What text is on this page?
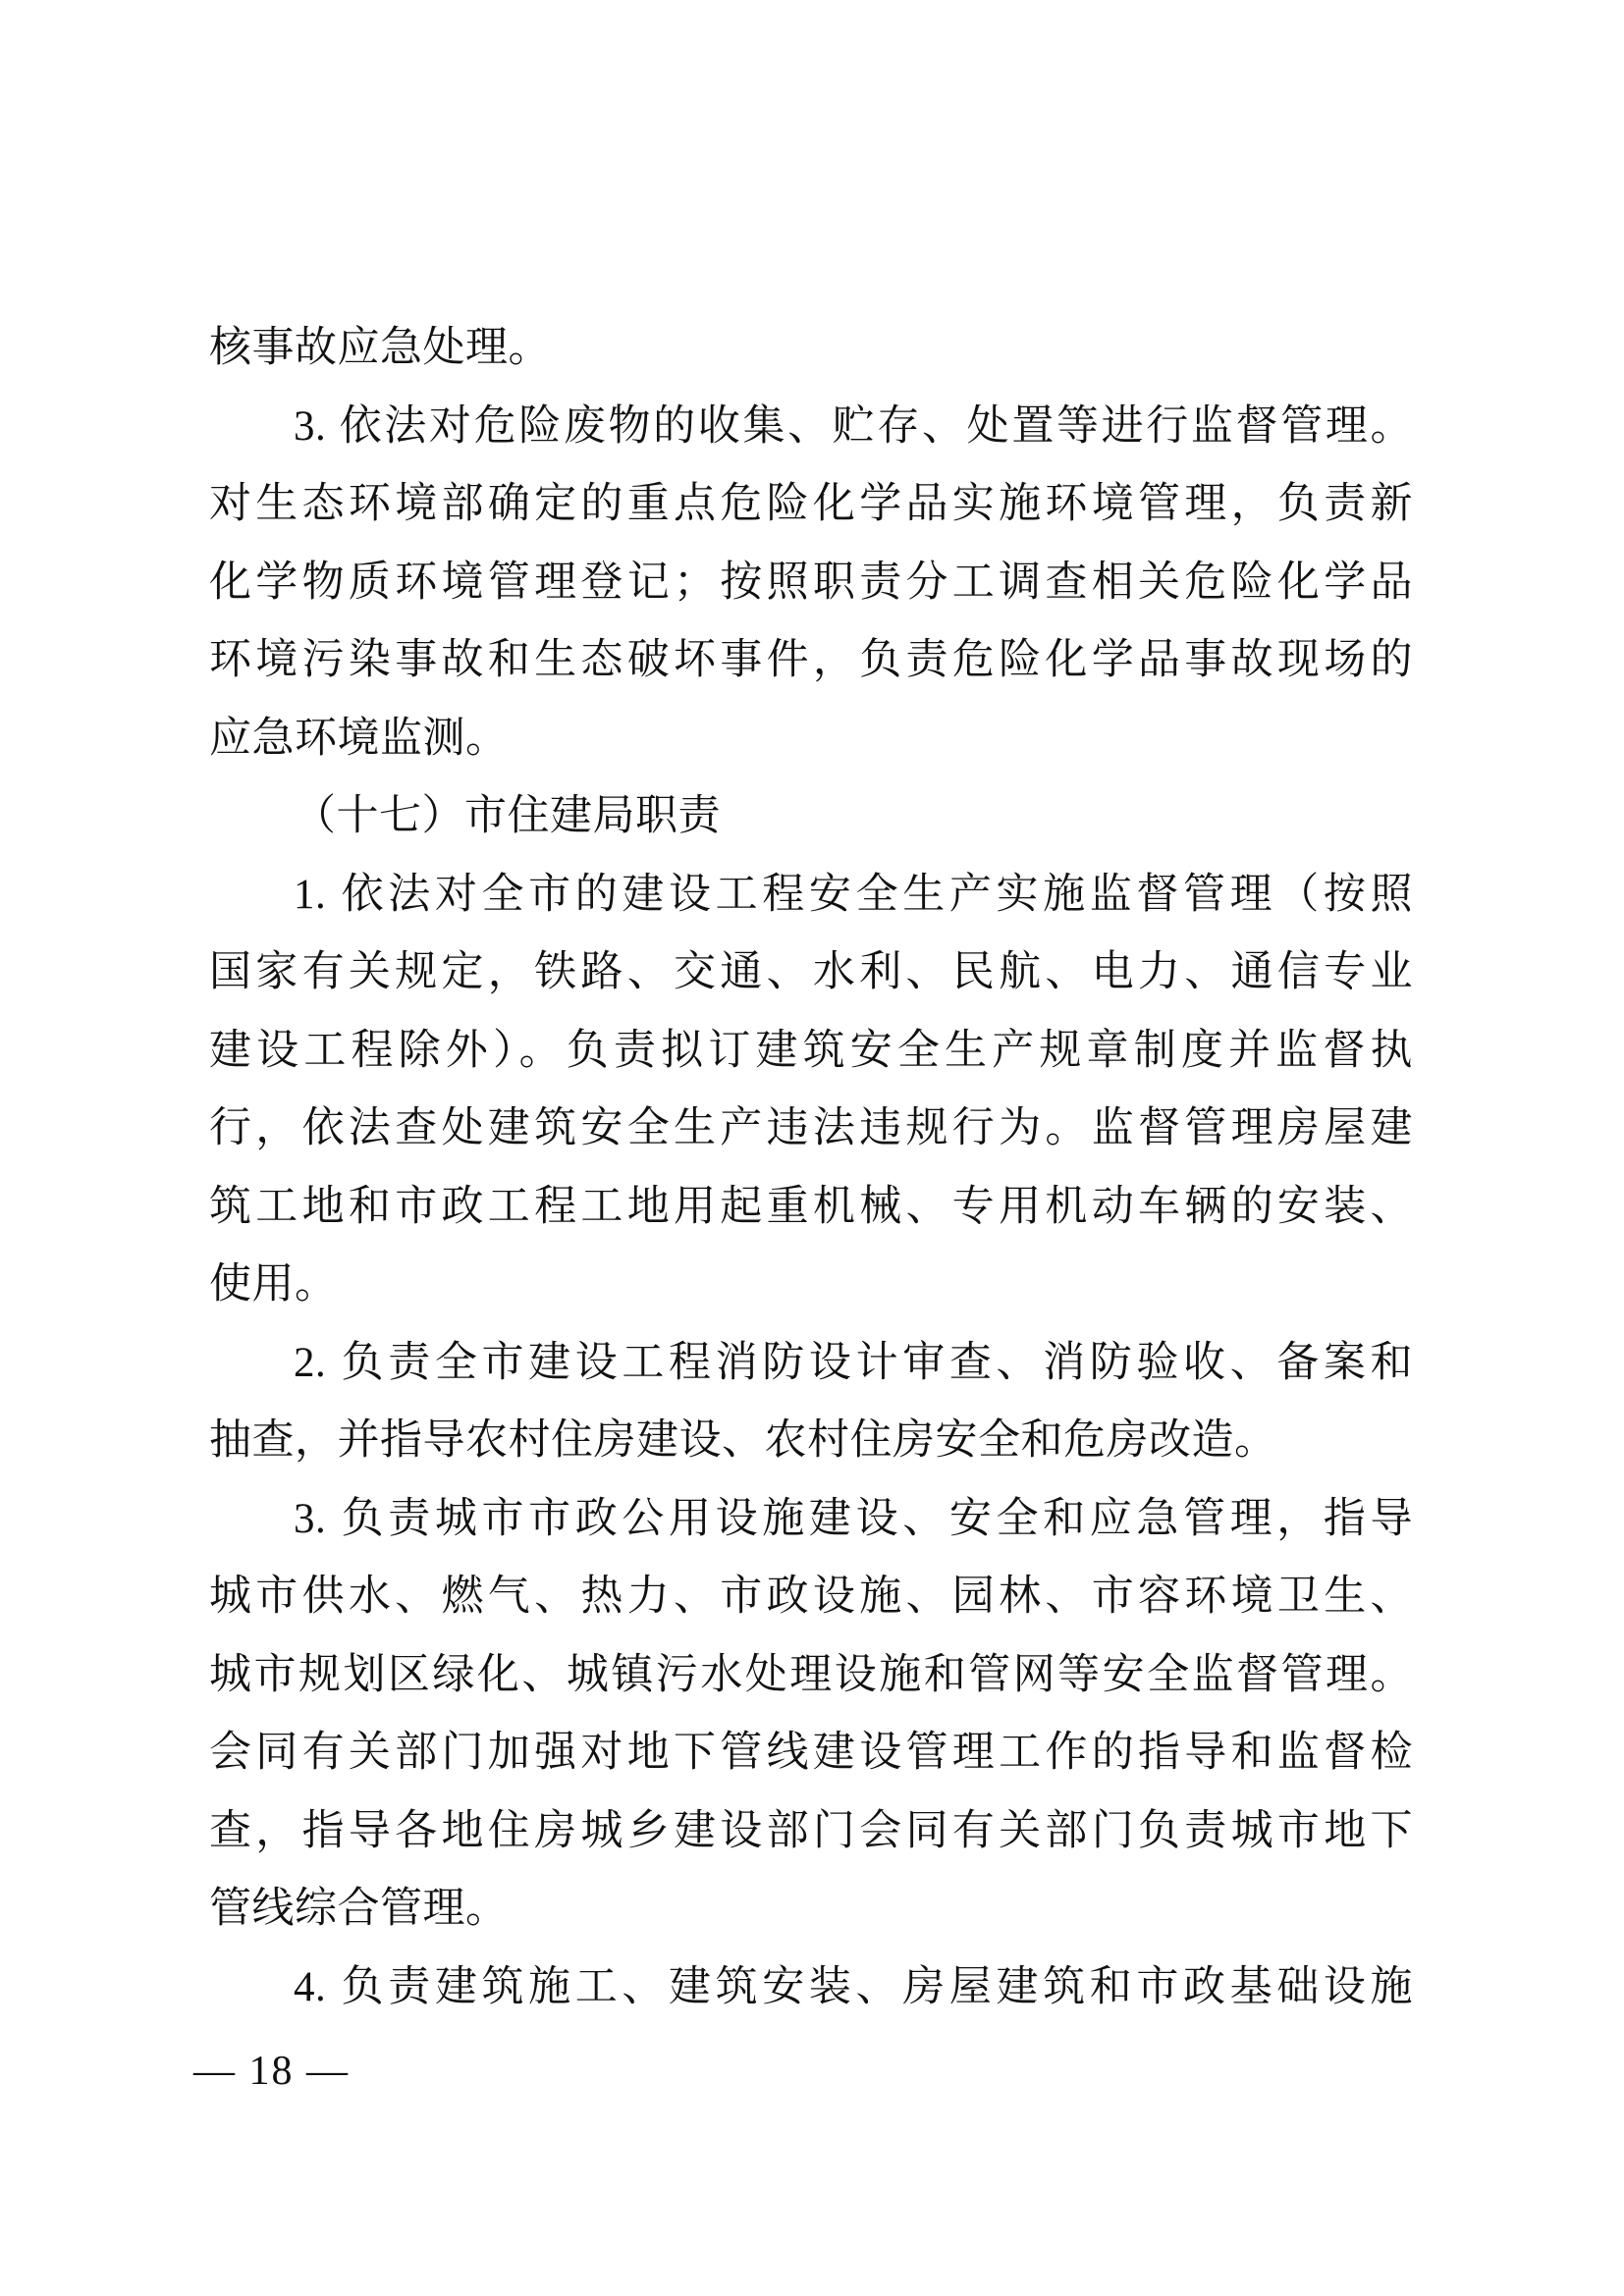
核事故应急处理。
3. 依法对危险废物的收集、贮存、处置等进行监督管理。
对生态环境部确定的重点危险化学品实施环境管理，负责新
化学物质环境管理登记；按照职责分工调查相关危险化学品
环境污染事故和生态破坏事件，负责危险化学品事故现场的
应急环境监测。
（十七）市住建局职责
1. 依法对全市的建设工程安全生产实施监督管理（按照
国家有关规定，铁路、交通、水利、民航、电力、通信专业
建设工程除外）。负责拟订建筑安全生产规章制度并监督执
行，依法查处建筑安全生产违法违规行为。监督管理房屋建
筑工地和市政工程工地用起重机械、专用机动车辆的安装、
使用。
2. 负责全市建设工程消防设计审查、消防验收、备案和
抽查，并指导农村住房建设、农村住房安全和危房改造。
3. 负责城市市政公用设施建设、安全和应急管理，指导
城市供水、燃气、热力、市政设施、园林、市容环境卫生、
城市规划区绿化、城镇污水处理设施和管网等安全监督管理。
会同有关部门加强对地下管线建设管理工作的指导和监督检
查，指导各地住房城乡建设部门会同有关部门负责城市地下
管线综合管理。
4. 负责建筑施工、建筑安装、房屋建筑和市政基础设施
— 18 —
